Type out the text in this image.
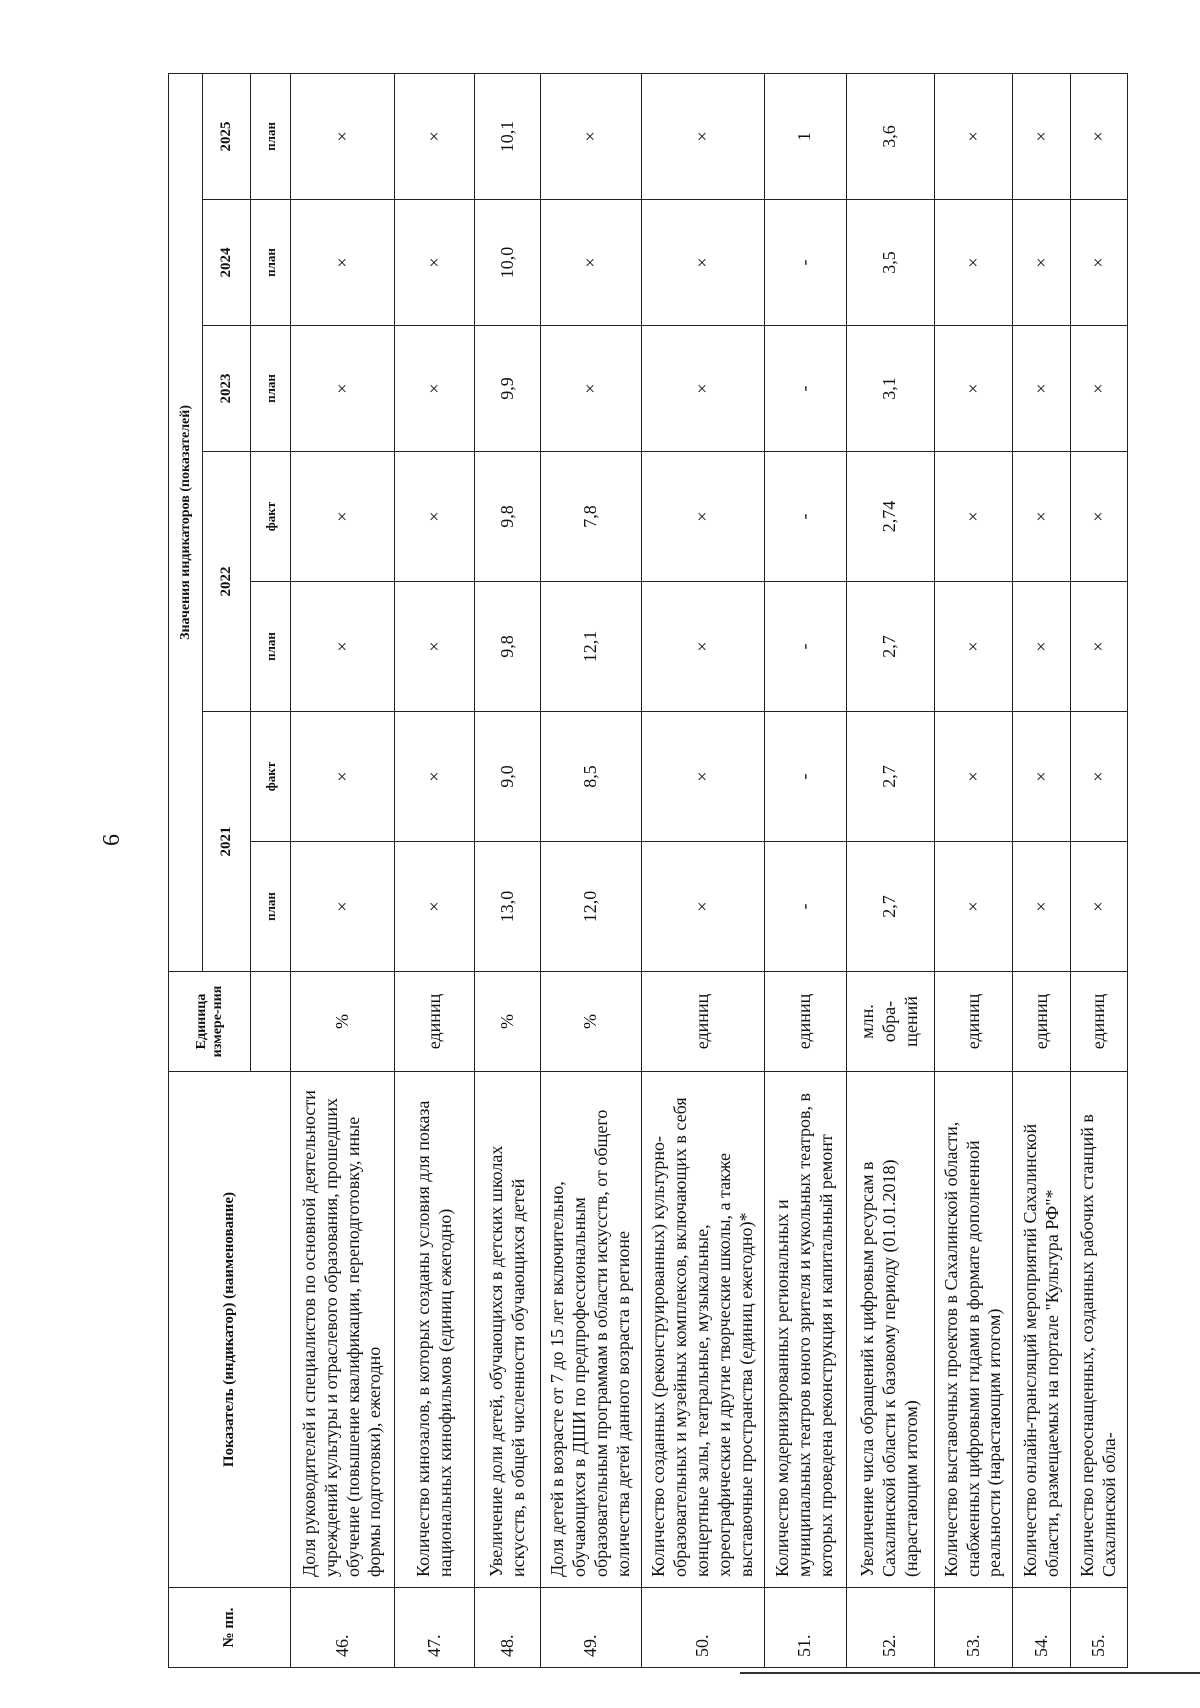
6
№ пп.	Показатель (индикатор) (наименование)	Единица измере-ния	Значения индикаторов (показателей)						
			2021		2022		2023	2024	2025
			план	факт	план	факт	план	план	план
46.	Доля руководителей и специалистов по основной деятельности учреждений культуры и отраслевого образования, прошедших обучение (повышение квалификации, переподготовку, иные формы подготовки), ежегодно	%	×	×	×	×	×	×	×
47.	Количество кинозалов, в которых созданы условия для показа национальных кинофильмов (единиц ежегодно)	единиц	×	×	×	×	×	×	×
48.	Увеличение доли детей, обучающихся в детских школах искусств, в общей численности обучающихся детей	%	13,0	9,0	9,8	9,8	9,9	10,0	10,1
49.	Доля детей в возрасте от 7 до 15 лет включительно, обучающихся в ДШИ по предпрофессиональным образовательным программам в области искусств, от общего количества детей данного возраста в регионе	%	12,0	8,5	12,1	7,8	×	×	×
50.	Количество созданных (реконструированных) культурно-образовательных и музейных комплексов, включающих в себя концертные залы, театральные, музыкальные, хореографические и другие творческие школы, а также выставочные пространства (единиц ежегодно)*	единиц	×	×	×	×	×	×	×
51.	Количество модернизированных региональных и муниципальных театров юного зрителя и кукольных театров, в которых проведена реконструкция и капитальный ремонт	единиц	-	-	-	-	-	-	1
52.	Увеличение числа обращений к цифровым ресурсам в Сахалинской области к базовому периоду (01.01.2018) (нарастающим итогом)	млн. обра-щений	2,7	2,7	2,7	2,74	3,1	3,5	3,6
53.	Количество выставочных проектов в Сахалинской области, снабженных цифровыми гидами в формате дополненной реальности (нарастающим итогом)	единиц	×	×	×	×	×	×	×
54.	Количество онлайн-трансляций мероприятий Сахалинской области, размещаемых на портале "Культура РФ"*	единиц	×	×	×	×	×	×	×
55.	Количество переоснащенных, созданных рабочих станций в Сахалинской обла-	единиц	×	×	×	×	×	×	×
